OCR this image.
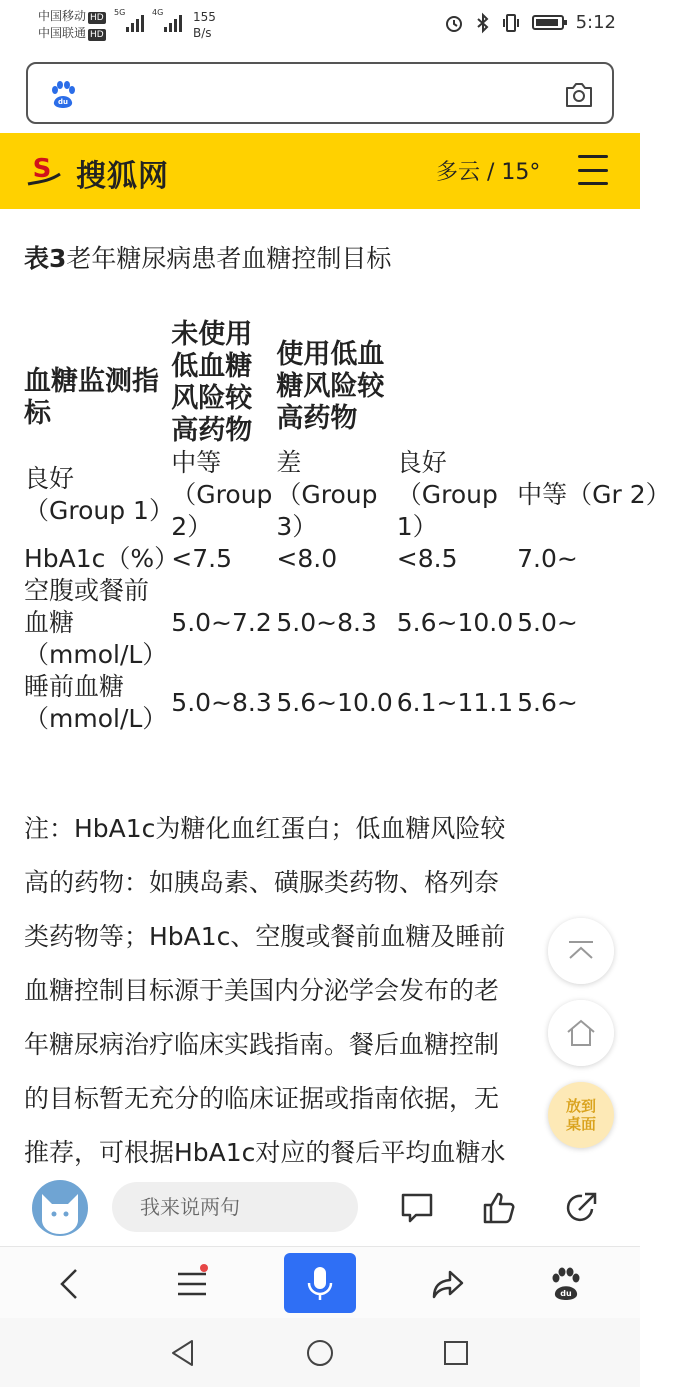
中国移动 HD
中国联通 HD
5G	4G 155
B/s	5:12
du
S 搜狐网	多云 / 15°
表3老年糖尿病患者血糖控制目标
血糖监测指标	未使用低血糖风险较高药物	使用低血糖风险较高药物		
良好（Group 1）	中等（Group 2）	差（Group 3）	良好（Group 1）	中等（Gr 2）
HbA1c（%）	<7.5	<8.0	<8.5	7.0~
空腹或餐前血糖（mmol/L）	5.0~7.2	5.0~8.3	5.6~10.0	5.0~
睡前血糖（mmol/L）	5.0~8.3	5.6~10.0	6.1~11.1	5.6~
注：HbA1c为糖化血红蛋白；低血糖风险较
高的药物：如胰岛素、磺脲类药物、格列奈
类药物等；HbA1c、空腹或餐前血糖及睡前
血糖控制目标源于美国内分泌学会发布的老
年糖尿病治疗临床实践指南。餐后血糖控制
的目标暂无充分的临床证据或指南依据，无
推荐，可根据HbA1c对应的餐后平均血糖水
放到
桌面
我来说两句
du
